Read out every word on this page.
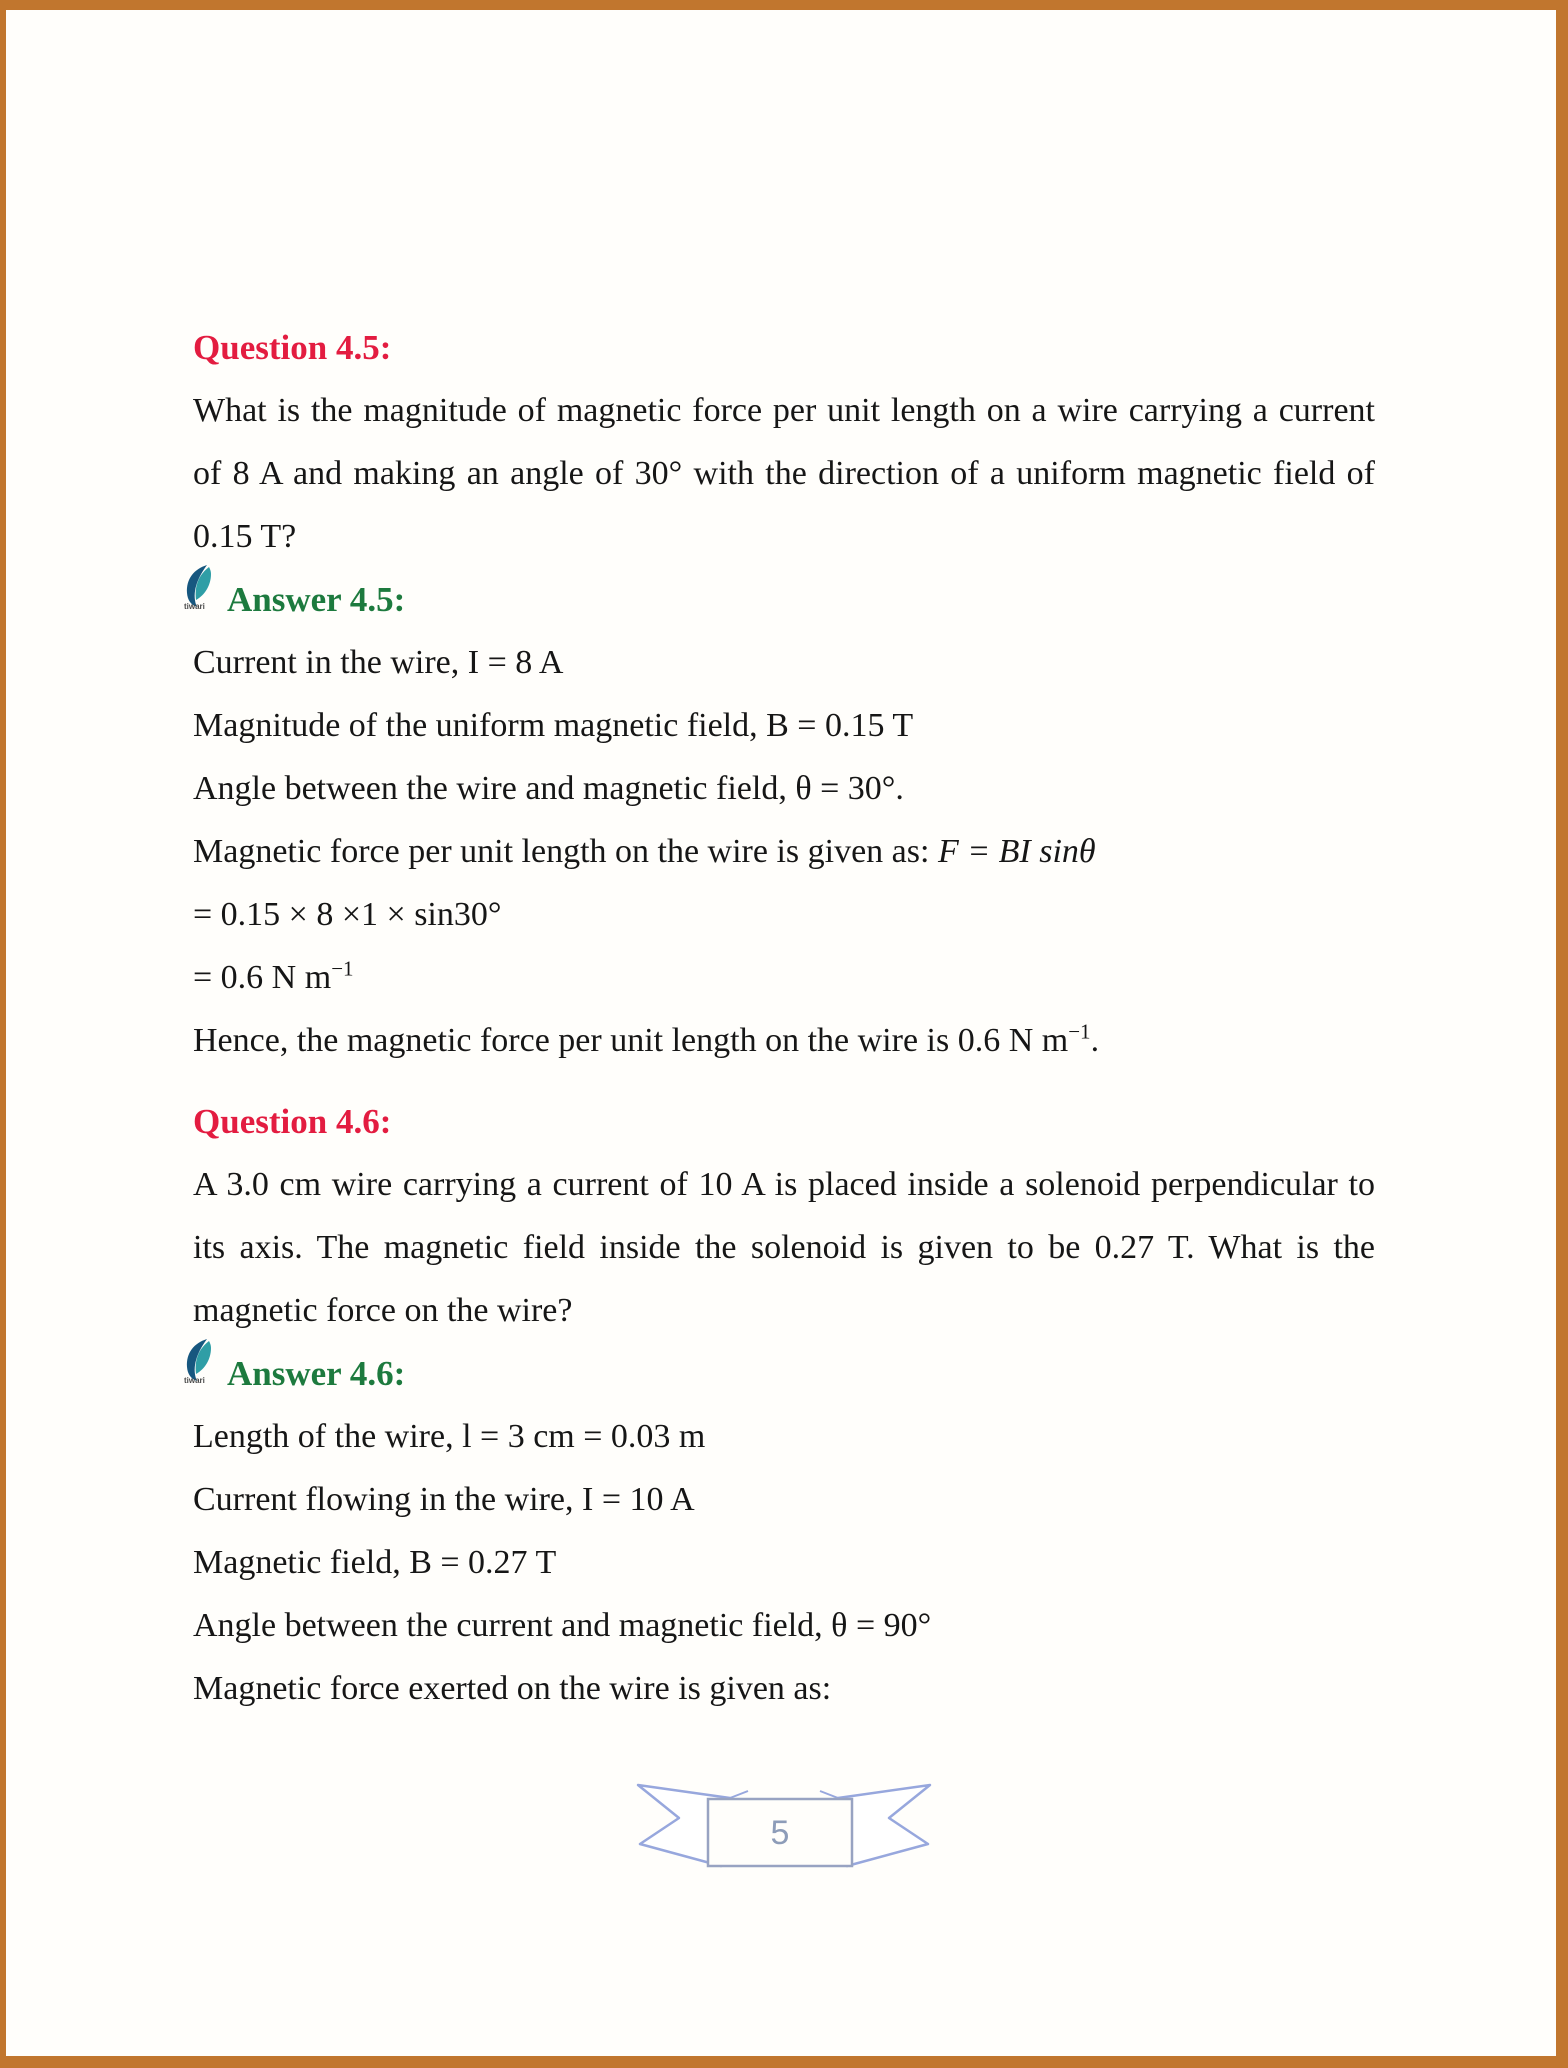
Question 4.5:

What is the magnitude of magnetic force per unit length on a wire carrying a current of 8 A and making an angle of 30° with the direction of a uniform magnetic field of 0.15 T?

tiwari Answer 4.5:
Current in the wire, I = 8 A
Magnitude of the uniform magnetic field, B = 0.15 T
Angle between the wire and magnetic field, θ = 30°.
Magnetic force per unit length on the wire is given as: F = BI sinθ
= 0.15 × 8 ×1 × sin30°
= 0.6 N $m^{-1}$
Hence, the magnetic force per unit length on the wire is 0.6 N $m^{-1}$.
Question 4.6:

A 3.0 cm wire carrying a current of 10 A is placed inside a solenoid perpendicular to its axis. The magnetic field inside the solenoid is given to be 0.27 T. What is the magnetic force on the wire?

tiwari Answer 4.6:
Length of the wire, l = 3 cm = 0.03 m
Current flowing in the wire, I = 10 A
Magnetic field, B = 0.27 T
Angle between the current and magnetic field, θ = 90°
Magnetic force exerted on the wire is given as:
5
